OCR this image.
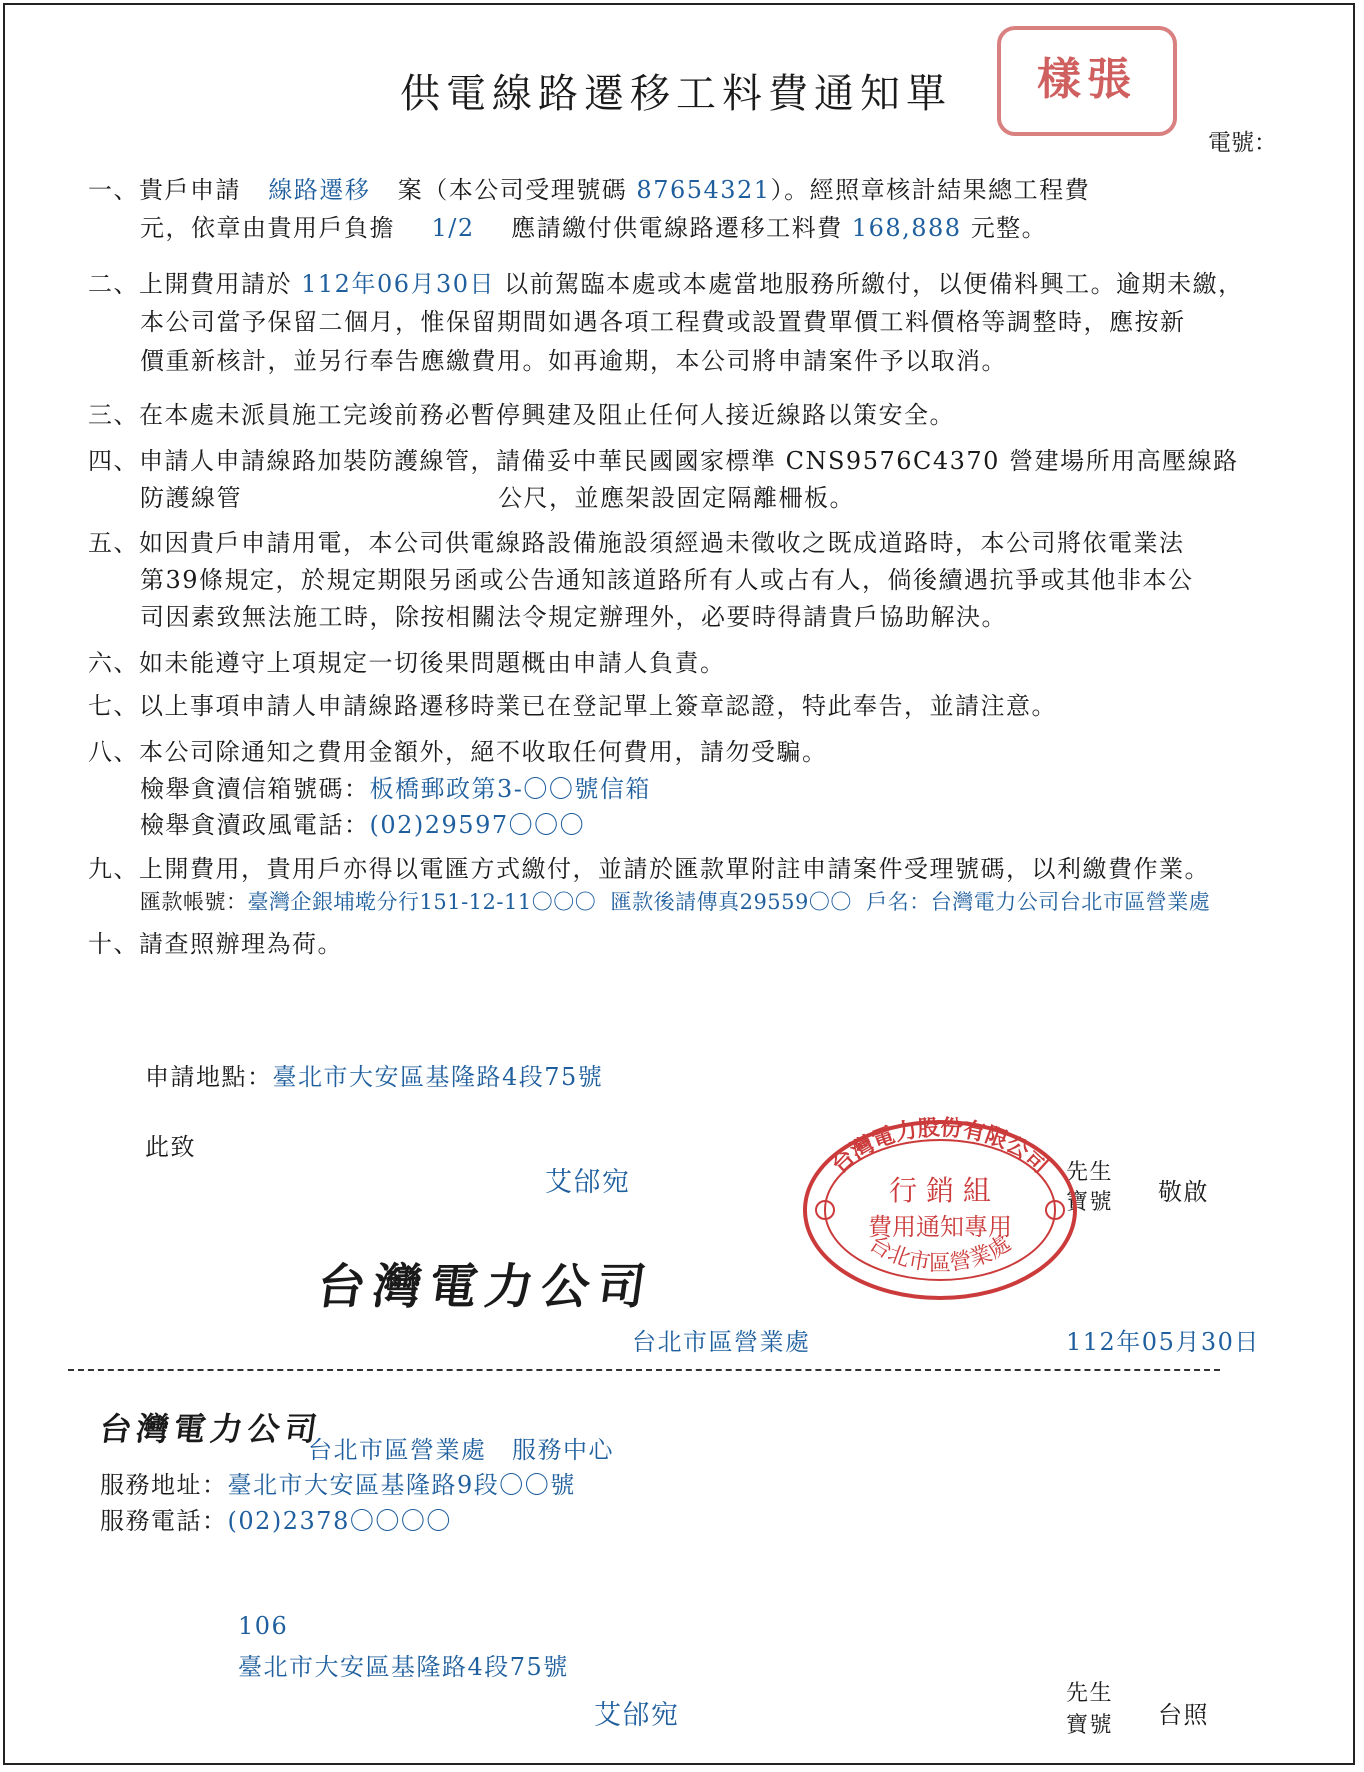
供電線路遷移工料費通知單	樣張
電號：
一、貴戶申請 線路遷移 案（本公司受理號碼 87654321）。經照章核計結果總工程費
元，依章由貴用戶負擔 1/2 應請繳付供電線路遷移工料費 168,888 元整。
二、上開費用請於 112年06月30日 以前駕臨本處或本處當地服務所繳付，以便備料興工。逾期未繳，
本公司當予保留二個月，惟保留期間如遇各項工程費或設置費單價工料價格等調整時，應按新
價重新核計，並另行奉告應繳費用。如再逾期，本公司將申請案件予以取消。
三、在本處未派員施工完竣前務必暫停興建及阻止任何人接近線路以策安全。
四、申請人申請線路加裝防護線管，請備妥中華民國國家標準 CNS9576C4370 營建場所用高壓線路
防護線管	公尺，並應架設固定隔離柵板。
五、如因貴戶申請用電，本公司供電線路設備施設須經過未徵收之既成道路時，本公司將依電業法
第39條規定，於規定期限另函或公告通知該道路所有人或占有人，倘後續遇抗爭或其他非本公
司因素致無法施工時，除按相關法令規定辦理外，必要時得請貴戶協助解決。
六、如未能遵守上項規定一切後果問題概由申請人負責。
七、以上事項申請人申請線路遷移時業已在登記單上簽章認證，特此奉告，並請注意。
八、本公司除通知之費用金額外，絕不收取任何費用，請勿受騙。
檢舉貪瀆信箱號碼：板橋郵政第3-〇〇號信箱
檢舉貪瀆政風電話：(02)29597〇〇〇
九、上開費用，貴用戶亦得以電匯方式繳付，並請於匯款單附註申請案件受理號碼，以利繳費作業。
匯款帳號：臺灣企銀埔墘分行151-12-11〇〇〇 匯款後請傳真29559〇〇 戶名：台灣電力公司台北市區營業處
十、請查照辦理為荷。
申請地點：臺北市大安區基隆路4段75號
此致
艾邰宛	先生
寶號 敬啟
台灣電力公司
台灣電力股份有限公司
行 銷 組
費用通知專用
台北市區營業處
台北市區營業處	112年05月30日
台灣電力公司
台北市區營業處　服務中心
服務地址：臺北市大安區基隆路9段〇〇號
服務電話：(02)2378〇〇〇〇
106
臺北市大安區基隆路4段75號
艾邰宛
先生
寶號 台照
